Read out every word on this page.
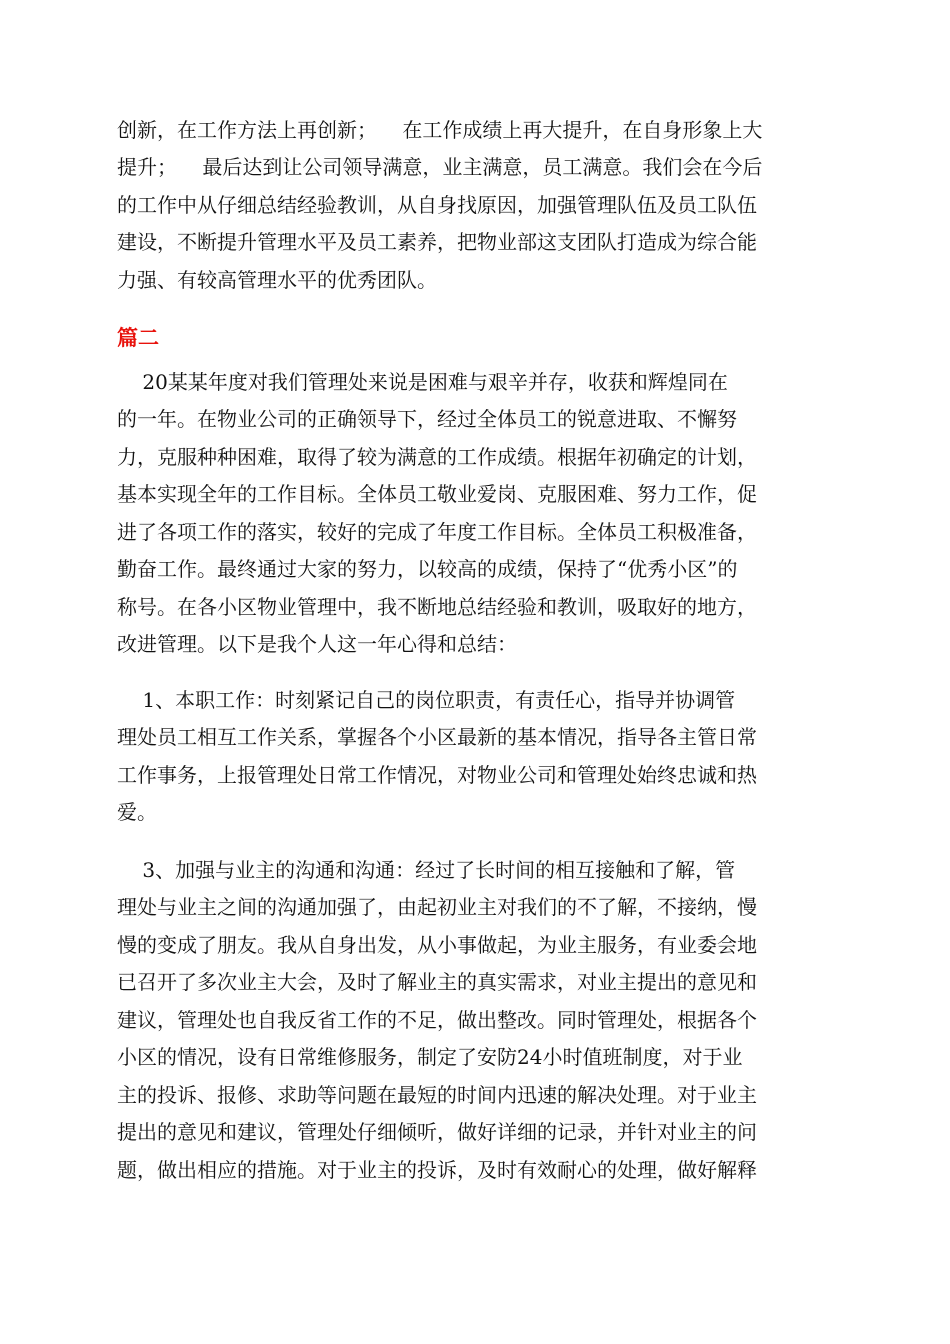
创新，在工作方法上再创新；    在工作成绩上再大提升，在自身形象上大
提升；    最后达到让公司领导满意，业主满意，员工满意。我们会在今后
的工作中从仔细总结经验教训，从自身找原因，加强管理队伍及员工队伍
建设，不断提升管理水平及员工素养，把物业部这支团队打造成为综合能
力强、有较高管理水平的优秀团队。
篇二
20某某年度对我们管理处来说是困难与艰辛并存，收获和辉煌同在
的一年。在物业公司的正确领导下，经过全体员工的锐意进取、不懈努
力，克服种种困难，取得了较为满意的工作成绩。根据年初确定的计划，
基本实现全年的工作目标。全体员工敬业爱岗、克服困难、努力工作，促
进了各项工作的落实，较好的完成了年度工作目标。全体员工积极准备，
勤奋工作。最终通过大家的努力，以较高的成绩，保持了“优秀小区”的
称号。在各小区物业管理中，我不断地总结经验和教训，吸取好的地方，
改进管理。以下是我个人这一年心得和总结：
1、本职工作：时刻紧记自己的岗位职责，有责任心，指导并协调管
理处员工相互工作关系，掌握各个小区最新的基本情况，指导各主管日常
工作事务，上报管理处日常工作情况，对物业公司和管理处始终忠诚和热
爱。
3、加强与业主的沟通和沟通：经过了长时间的相互接触和了解，管
理处与业主之间的沟通加强了，由起初业主对我们的不了解，不接纳，慢
慢的变成了朋友。我从自身出发，从小事做起，为业主服务，有业委会地
已召开了多次业主大会，及时了解业主的真实需求，对业主提出的意见和
建议，管理处也自我反省工作的不足，做出整改。同时管理处，根据各个
小区的情况，设有日常维修服务，制定了安防24小时值班制度，对于业
主的投诉、报修、求助等问题在最短的时间内迅速的解决处理。对于业主
提出的意见和建议，管理处仔细倾听，做好详细的记录，并针对业主的问
题，做出相应的措施。对于业主的投诉，及时有效耐心的处理，做好解释
